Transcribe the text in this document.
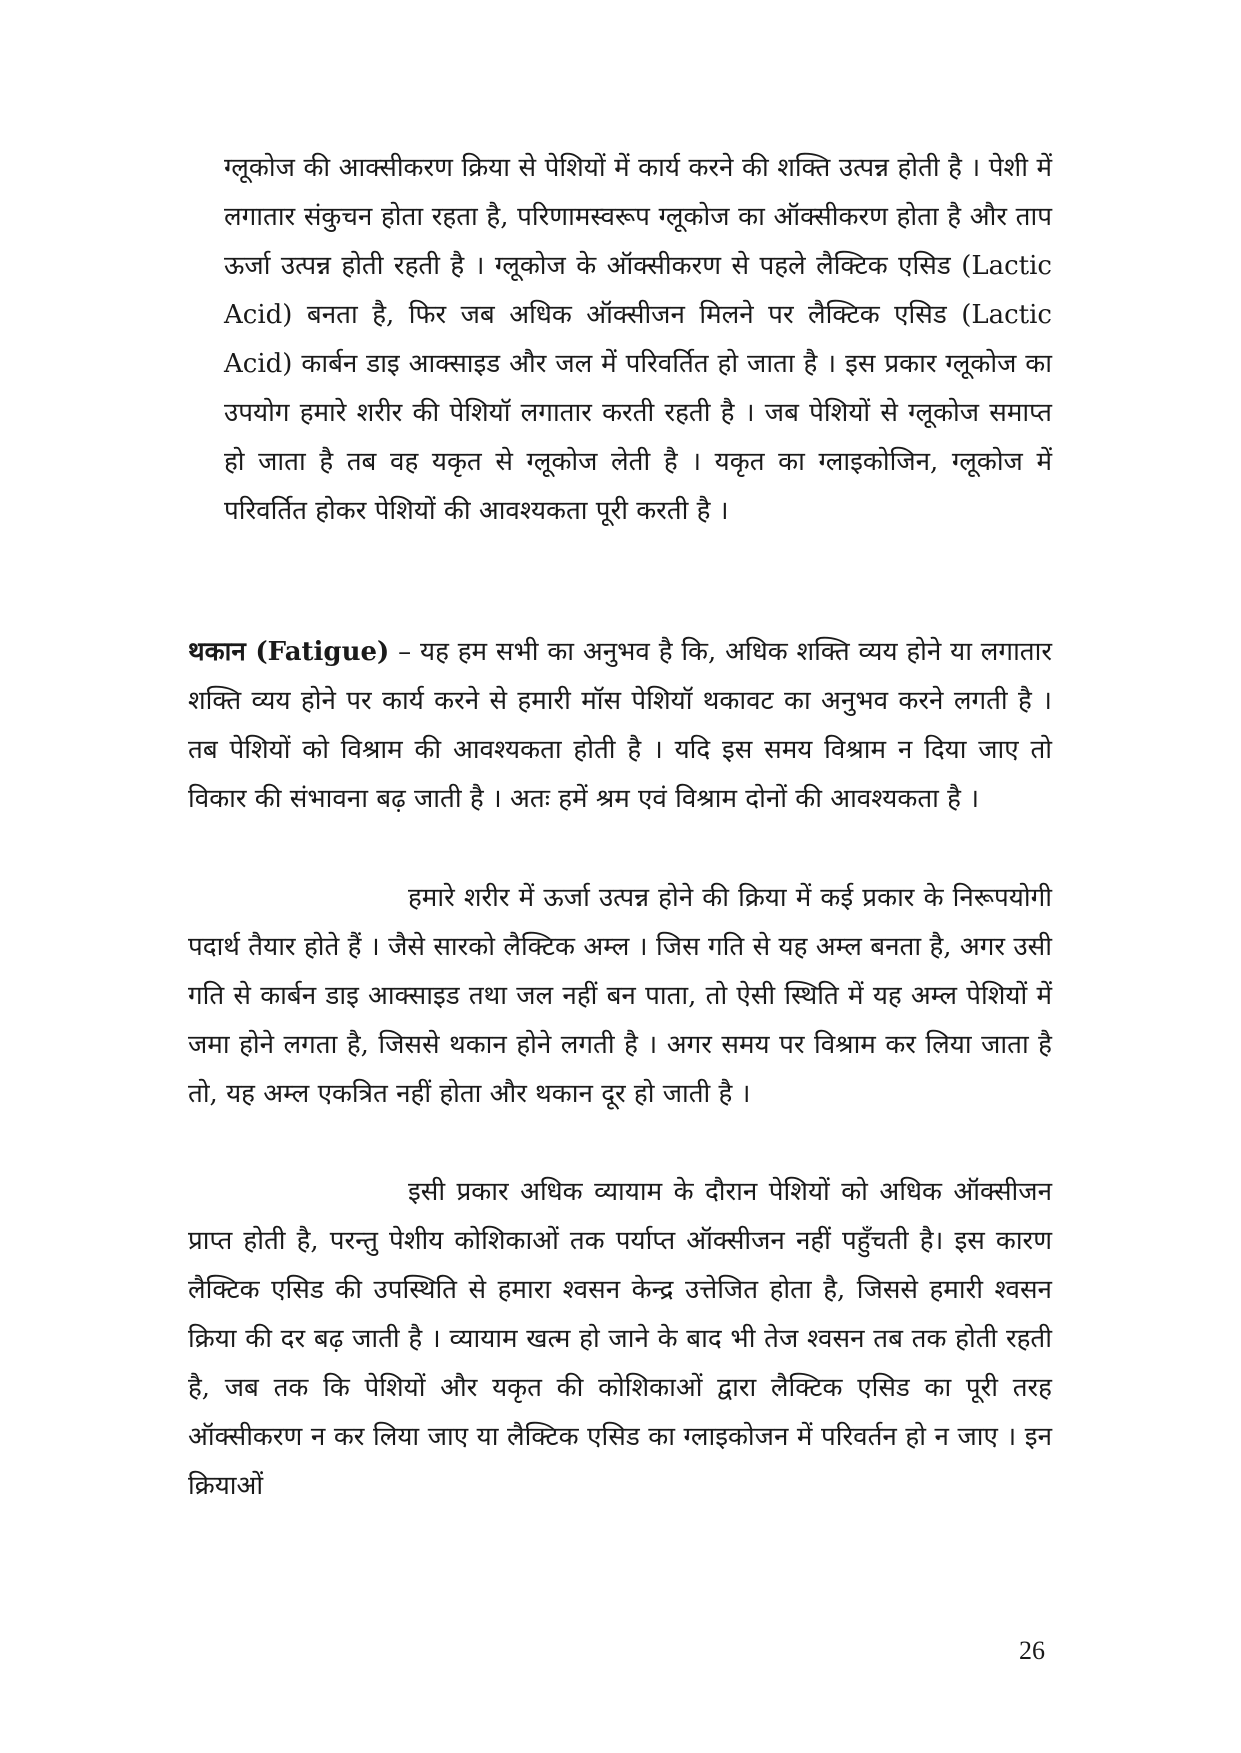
ग्लूकोज की आक्सीकरण क्रिया से पेशियों में कार्य करने की शक्ति उत्पन्न होती है । पेशी में लगातार संकुचन होता रहता है, परिणामस्वरूप ग्लूकोज का ऑक्सीकरण होता है और ताप ऊर्जा उत्पन्न होती रहती है । ग्लूकोज के ऑक्सीकरण से पहले लैक्टिक एसिड (Lactic Acid) बनता है, फिर जब अधिक ऑक्सीजन मिलने पर लैक्टिक एसिड (Lactic Acid) कार्बन डाइ आक्साइड और जल में परिवर्तित हो जाता है । इस प्रकार ग्लूकोज का उपयोग हमारे शरीर की पेशियॉ लगातार करती रहती है । जब पेशियों से ग्लूकोज समाप्त हो जाता है तब वह यकृत से ग्लूकोज लेती है । यकृत का ग्लाइकोजिन, ग्लूकोज में परिवर्तित होकर पेशियों की आवश्यकता पूरी करती है ।

थकान (Fatigue) – यह हम सभी का अनुभव है कि, अधिक शक्ति व्यय होने या लगातार शक्ति व्यय होने पर कार्य करने से हमारी मॉस पेशियॉ थकावट का अनुभव करने लगती है । तब पेशियों को विश्राम की आवश्यकता होती है । यदि इस समय विश्राम न दिया जाए तो विकार की संभावना बढ़ जाती है । अतः हमें श्रम एवं विश्राम दोनों की आवश्यकता है ।

हमारे शरीर में ऊर्जा उत्पन्न होने की क्रिया में कई प्रकार के निरूपयोगी पदार्थ तैयार होते हैं । जैसे सारको लैक्टिक अम्ल । जिस गति से यह अम्ल बनता है, अगर उसी गति से कार्बन डाइ आक्साइड तथा जल नहीं बन पाता, तो ऐसी स्थिति में यह अम्ल पेशियों में जमा होने लगता है, जिससे थकान होने लगती है । अगर समय पर विश्राम कर लिया जाता है तो, यह अम्ल एकत्रित नहीं होता और थकान दूर हो जाती है ।

इसी प्रकार अधिक व्यायाम के दौरान पेशियों को अधिक ऑक्सीजन प्राप्त होती है, परन्तु पेशीय कोशिकाओं तक पर्याप्त ऑक्सीजन नहीं पहुँचती है। इस कारण लैक्टिक एसिड की उपस्थिति से हमारा श्वसन केन्द्र उत्तेजित होता है, जिससे हमारी श्वसन क्रिया की दर बढ़ जाती है । व्यायाम खत्म हो जाने के बाद भी तेज श्वसन तब तक होती रहती है, जब तक कि पेशियों और यकृत की कोशिकाओं द्वारा लैक्टिक एसिड का पूरी तरह ऑक्सीकरण न कर लिया जाए या लैक्टिक एसिड का ग्लाइकोजन में परिवर्तन हो न जाए । इन क्रियाओं

26
